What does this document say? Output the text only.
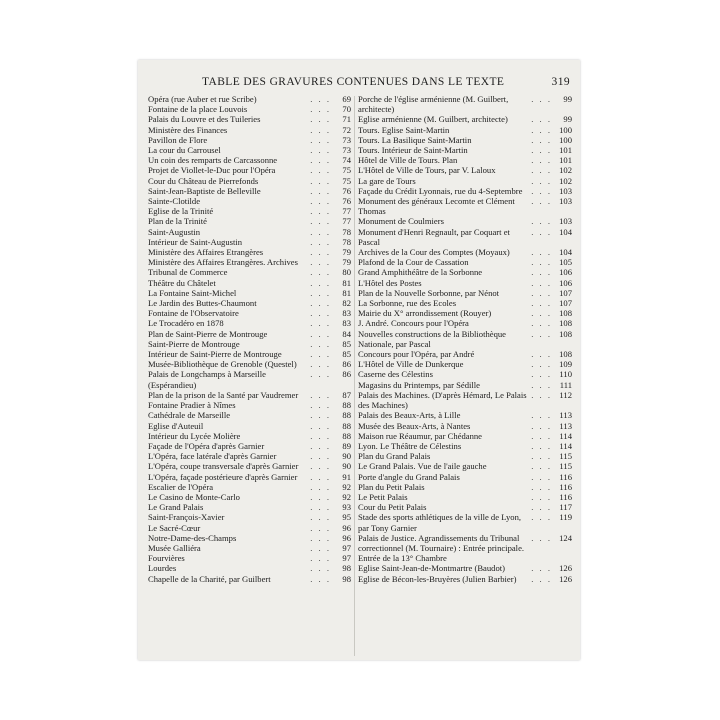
TABLE DES GRAVURES CONTENUES DANS LE TEXTE	319
Opéra (rue Auber et rue Scribe)	. . .	69
Fontaine de la place Louvois	. . .	70
Palais du Louvre et des Tuileries	. . .	71
Ministère des Finances	. . .	72
Pavillon de Flore	. . .	73
La cour du Carrousel	. . .	73
Un coin des remparts de Carcassonne	. . .	74
Projet de Viollet-le-Duc pour l'Opéra	. . .	75
Cour du Château de Pierrefonds	. . .	75
Saint-Jean-Baptiste de Belleville	. . .	76
Sainte-Clotilde	. . .	76
Eglise de la Trinité	. . .	77
Plan de la Trinité	. . .	77
Saint-Augustin	. . .	78
Intérieur de Saint-Augustin	. . .	78
Ministère des Affaires Etrangères	. . .	79
Ministère des Affaires Etrangères. Archives	. . .	79
Tribunal de Commerce	. . .	80
Théâtre du Châtelet	. . .	81
La Fontaine Saint-Michel	. . .	81
Le Jardin des Buttes-Chaumont	. . .	82
Fontaine de l'Observatoire	. . .	83
Le Trocadéro en 1878	. . .	83
Plan de Saint-Pierre de Montrouge	. . .	84
Saint-Pierre de Montrouge	. . .	85
Intérieur de Saint-Pierre de Montrouge	. . .	85
Musée-Bibliothèque de Grenoble (Questel)	. . .	86
Palais de Longchamps à Marseille (Espérandieu)
. . .	86
Plan de la prison de la Santé par Vaudremer	. . .	87
Fontaine Pradier à Nîmes	. . .	88
Cathédrale de Marseille	. . .	88
Eglise d'Auteuil	. . .	88
Intérieur du Lycée Molière	. . .	88
Façade de l'Opéra d'après Garnier	. . .	89
L'Opéra, face latérale d'après Garnier	. . .	90
L'Opéra, coupe transversale d'après Garnier	. . .	90
L'Opéra, façade postérieure d'après Garnier	. . .	91
Escalier de l'Opéra	. . .	92
Le Casino de Monte-Carlo	. . .	92
Le Grand Palais	. . .	93
Saint-François-Xavier	. . .	95
Le Sacré-Cœur	. . .	96
Notre-Dame-des-Champs	. . .	96
Musée Galliéra	. . .	97
Fourvières	. . .	97
Lourdes	. . .	98
Chapelle de la Charité, par Guilbert	. . .	98
Porche de l'église arménienne (M. Guilbert, architecte)
. . .	99
Eglise arménienne (M. Guilbert, architecte)	. . .	99
Tours. Eglise Saint-Martin	. . . 100
Tours. La Basilique Saint-Martin	. . . 100
Tours. Intérieur de Saint-Martin	. . . 101
Hôtel de Ville de Tours. Plan	. . . 101
L'Hôtel de Ville de Tours, par V. Laloux	. . . 102
La gare de Tours	. . . 102
Façade du Crédit Lyonnais, rue du 4-Septembre	. . . 103
Monument des généraux Lecomte et Clément Thomas
. . . 103
Monument de Coulmiers	. . . 103
Monument d'Henri Regnault, par Coquart et Pascal
. . . 104
Archives de la Cour des Comptes (Moyaux)	. . . 104
Plafond de la Cour de Cassation	. . . 105
Grand Amphithéâtre de la Sorbonne	. . . 106
L'Hôtel des Postes	. . . 106
Plan de la Nouvelle Sorbonne, par Nénot	. . . 107
La Sorbonne, rue des Ecoles	. . . 107
Mairie du X° arrondissement (Rouyer)	. . . 108
J. André. Concours pour l'Opéra	. . . 108
Nouvelles constructions de la Bibliothèque Nationale, par Pascal
. . . 108
Concours pour l'Opéra, par André	. . . 108
L'Hôtel de Ville de Dunkerque	. . . 109
Caserne des Célestins	. . . 110
Magasins du Printemps, par Sédille	. . . 111
Palais des Machines. (D'après Hémard, Le Palais des Machines)
. . . 112
Palais des Beaux-Arts, à Lille	. . . 113
Musée des Beaux-Arts, à Nantes	. . . 113
Maison rue Réaumur, par Chédanne	. . . 114
Lyon. Le Théâtre de Célestins	. . . 114
Plan du Grand Palais	. . . 115
Le Grand Palais. Vue de l'aile gauche	. . . 115
Porte d'angle du Grand Palais	. . . 116
Plan du Petit Palais	. . . 116
Le Petit Palais	. . . 116
Cour du Petit Palais	. . . 117
Stade des sports athlétiques de la ville de Lyon, par Tony Garnier
. . . 119
Palais de Justice. Agrandissements du Tribunal correctionnel (M. Tournaire) : Entrée principale. Entrée de la 13° Chambre
. . . 124
Eglise Saint-Jean-de-Montmartre (Baudot)	. . . 126
Eglise de Bécon-les-Bruyères (Julien Barbier)	. . . 126
